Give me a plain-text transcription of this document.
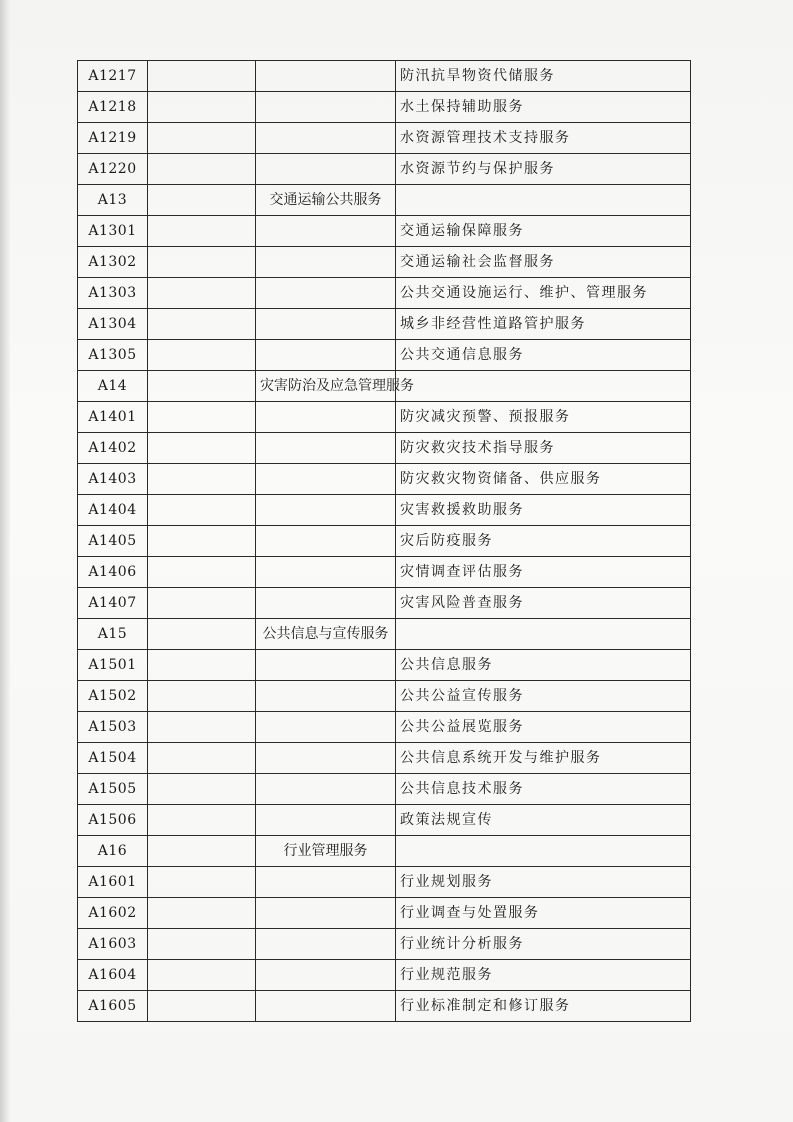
A1217			防汛抗旱物资代储服务
A1218			水土保持辅助服务
A1219			水资源管理技术支持服务
A1220			水资源节约与保护服务
A13		交通运输公共服务	
A1301			交通运输保障服务
A1302			交通运输社会监督服务
A1303			公共交通设施运行、维护、管理服务
A1304			城乡非经营性道路管护服务
A1305			公共交通信息服务
A14		灾害防治及应急管理服务	
A1401			防灾减灾预警、预报服务
A1402			防灾救灾技术指导服务
A1403			防灾救灾物资储备、供应服务
A1404			灾害救援救助服务
A1405			灾后防疫服务
A1406			灾情调查评估服务
A1407			灾害风险普查服务
A15		公共信息与宣传服务	
A1501			公共信息服务
A1502			公共公益宣传服务
A1503			公共公益展览服务
A1504			公共信息系统开发与维护服务
A1505			公共信息技术服务
A1506			政策法规宣传
A16		行业管理服务	
A1601			行业规划服务
A1602			行业调查与处置服务
A1603			行业统计分析服务
A1604			行业规范服务
A1605			行业标准制定和修订服务
